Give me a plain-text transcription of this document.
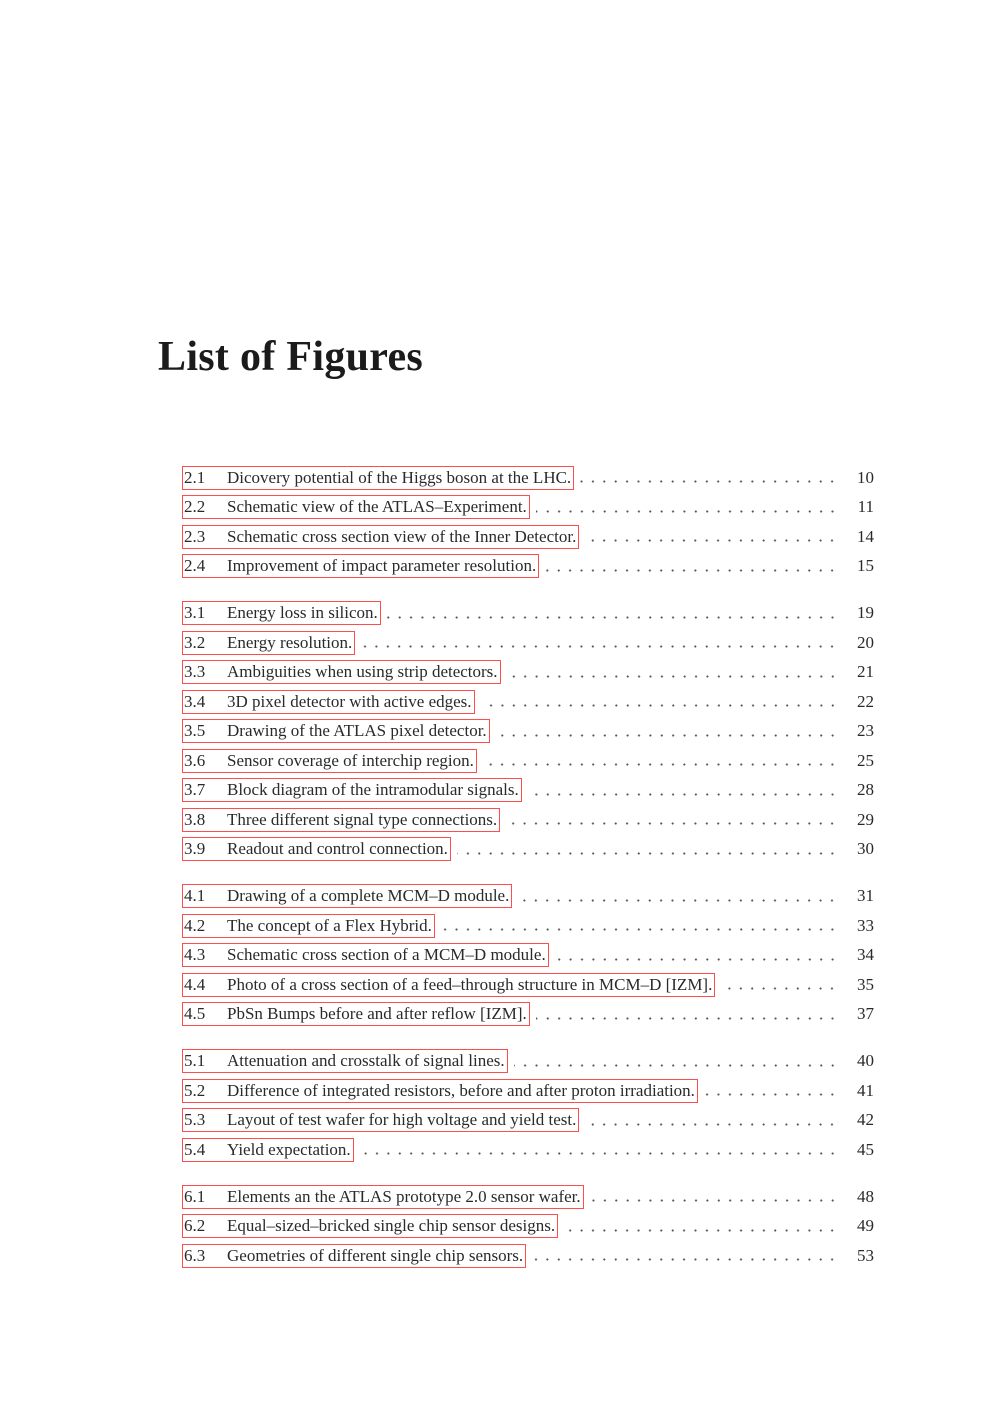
List of Figures
2.1	Dicovery potential of the Higgs boson at the LHC.	10
2.2	Schematic view of the ATLAS–Experiment.	11
2.3	Schematic cross section view of the Inner Detector.	14
2.4	Improvement of impact parameter resolution.	15
3.1	Energy loss in silicon.	19
3.2	Energy resolution.	20
3.3	Ambiguities when using strip detectors.	21
3.4	3D pixel detector with active edges.	22
3.5	Drawing of the ATLAS pixel detector.	23
3.6	Sensor coverage of interchip region.	25
3.7	Block diagram of the intramodular signals.	28
3.8	Three different signal type connections.	29
3.9	Readout and control connection.	30
4.1	Drawing of a complete MCM–D module.	31
4.2	The concept of a Flex Hybrid.	33
4.3	Schematic cross section of a MCM–D module.	34
4.4	Photo of a cross section of a feed–through structure in MCM–D [IZM].	35
4.5	PbSn Bumps before and after reflow [IZM].	37
5.1	Attenuation and crosstalk of signal lines.	40
5.2	Difference of integrated resistors, before and after proton irradiation.	41
5.3	Layout of test wafer for high voltage and yield test.	42
5.4	Yield expectation.	45
6.1	Elements an the ATLAS prototype 2.0 sensor wafer.	48
6.2	Equal–sized–bricked single chip sensor designs.	49
6.3	Geometries of different single chip sensors.	53
